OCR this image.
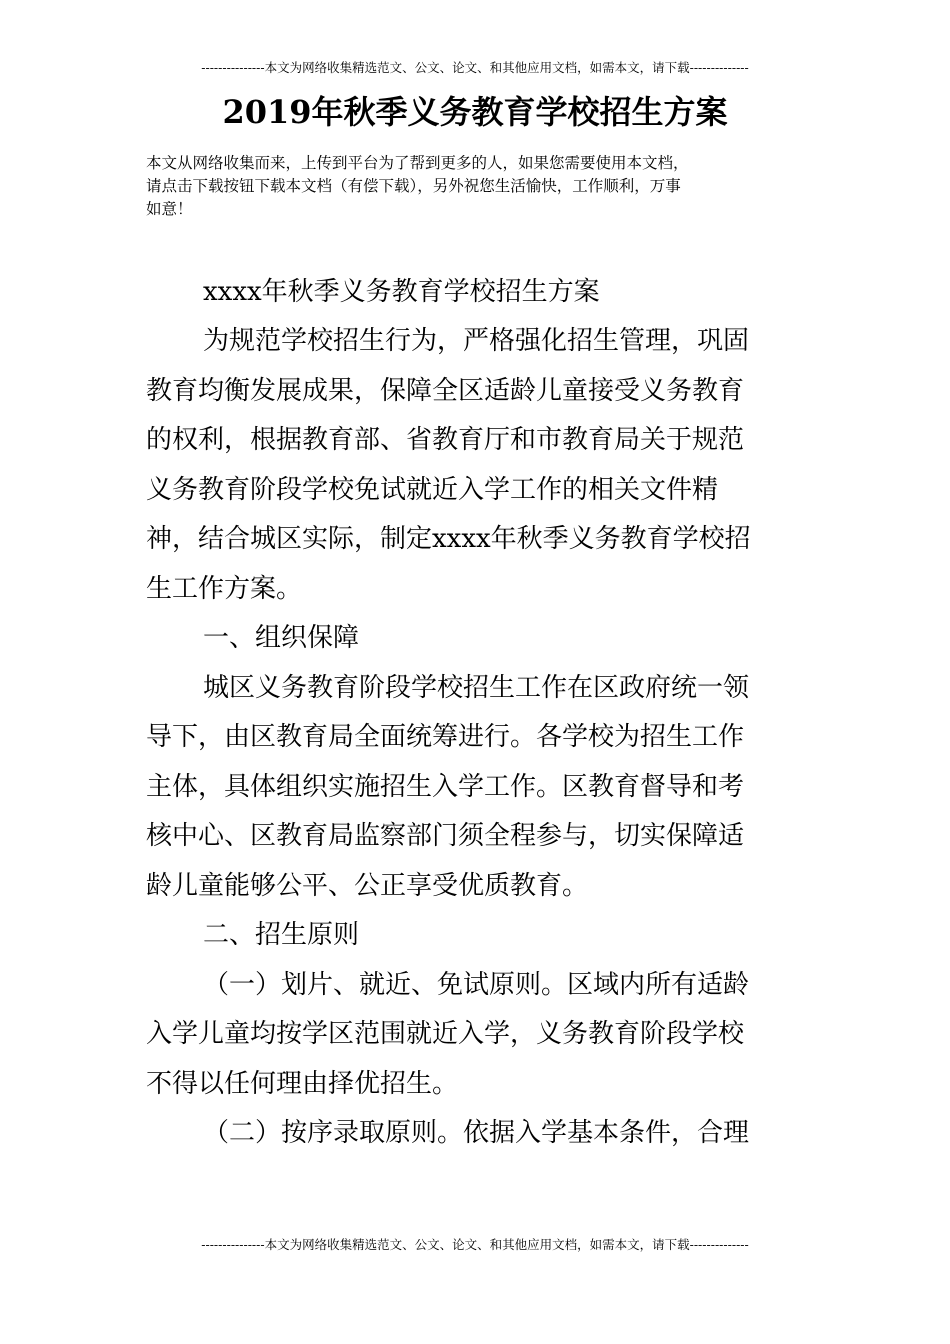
---------------本文为网络收集精选范文、公文、论文、和其他应用文档，如需本文，请下载--------------
2019年秋季义务教育学校招生方案
本文从网络收集而来，上传到平台为了帮到更多的人，如果您需要使用本文档，
请点击下载按钮下载本文档（有偿下载），另外祝您生活愉快，工作顺利，万事
如意！
xxxx年秋季义务教育学校招生方案
为规范学校招生行为，严格强化招生管理，巩固
教育均衡发展成果，保障全区适龄儿童接受义务教育
的权利，根据教育部、省教育厅和市教育局关于规范
义务教育阶段学校免试就近入学工作的相关文件精
神，结合城区实际，制定xxxx年秋季义务教育学校招
生工作方案。
一、组织保障
城区义务教育阶段学校招生工作在区政府统一领
导下，由区教育局全面统筹进行。各学校为招生工作
主体，具体组织实施招生入学工作。区教育督导和考
核中心、区教育局监察部门须全程参与，切实保障适
龄儿童能够公平、公正享受优质教育。
二、招生原则
（一）划片、就近、免试原则。区域内所有适龄
入学儿童均按学区范围就近入学，义务教育阶段学校
不得以任何理由择优招生。
（二）按序录取原则。依据入学基本条件，合理
---------------本文为网络收集精选范文、公文、论文、和其他应用文档，如需本文，请下载--------------
